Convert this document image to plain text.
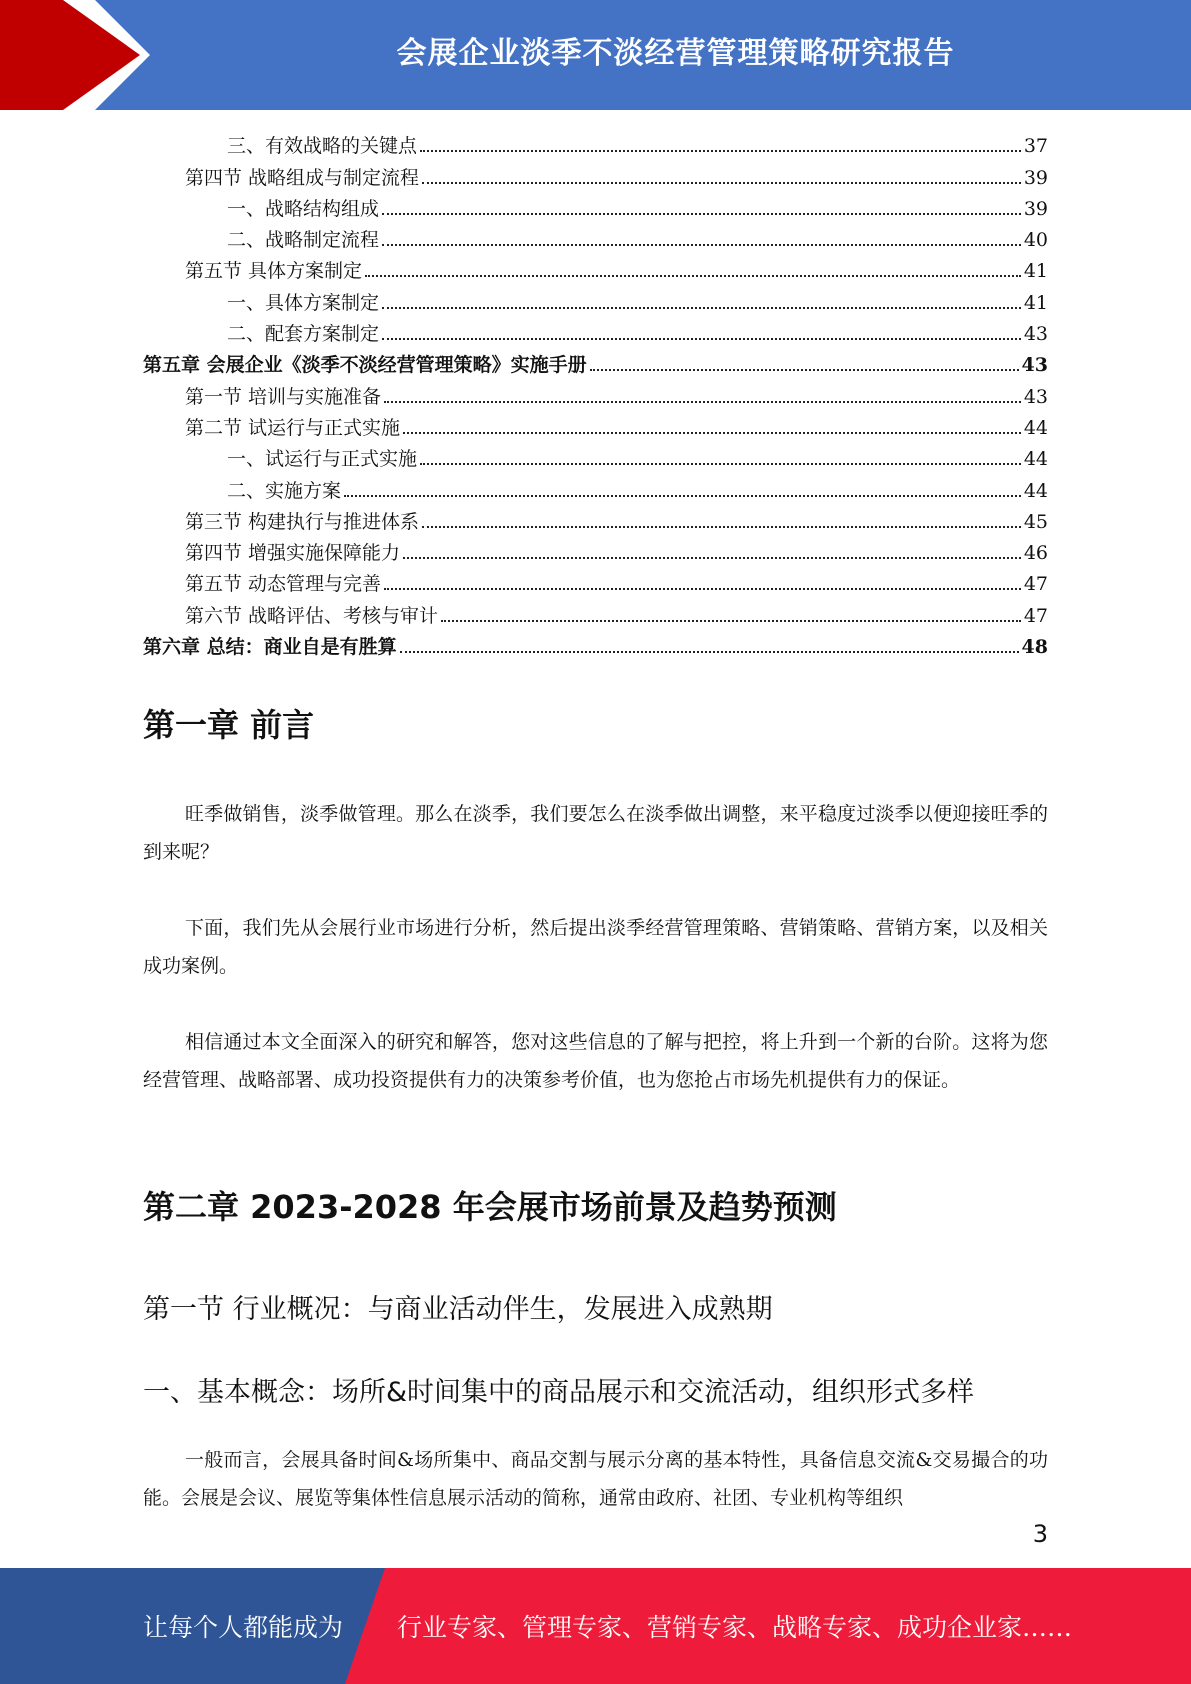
会展企业淡季不淡经营管理策略研究报告
三、有效战略的关键点	37
第四节 战略组成与制定流程	39
一、战略结构组成	39
二、战略制定流程	40
第五节 具体方案制定	41
一、具体方案制定	41
二、配套方案制定	43
第五章 会展企业《淡季不淡经营管理策略》实施手册	43
第一节 培训与实施准备	43
第二节 试运行与正式实施	44
一、试运行与正式实施	44
二、实施方案	44
第三节 构建执行与推进体系	45
第四节 增强实施保障能力	46
第五节 动态管理与完善	47
第六节 战略评估、考核与审计	47
第六章 总结：商业自是有胜算	48
第一章 前言

旺季做销售，淡季做管理。那么在淡季，我们要怎么在淡季做出调整，来平稳度过淡季以便迎接旺季的到来呢？

下面，我们先从会展行业市场进行分析，然后提出淡季经营管理策略、营销策略、营销方案，以及相关成功案例。

相信通过本文全面深入的研究和解答，您对这些信息的了解与把控，将上升到一个新的台阶。这将为您经营管理、战略部署、成功投资提供有力的决策参考价值，也为您抢占市场先机提供有力的保证。

第二章 2023-2028 年会展市场前景及趋势预测
第一节 行业概况：与商业活动伴生，发展进入成熟期
一、基本概念：场所&时间集中的商品展示和交流活动，组织形式多样

一般而言，会展具备时间&场所集中、商品交割与展示分离的基本特性，具备信息交流&交易撮合的功能。会展是会议、展览等集体性信息展示活动的简称，通常由政府、社团、专业机构等组织

3
让每个人都能成为 行业专家、管理专家、营销专家、战略专家、成功企业家……
